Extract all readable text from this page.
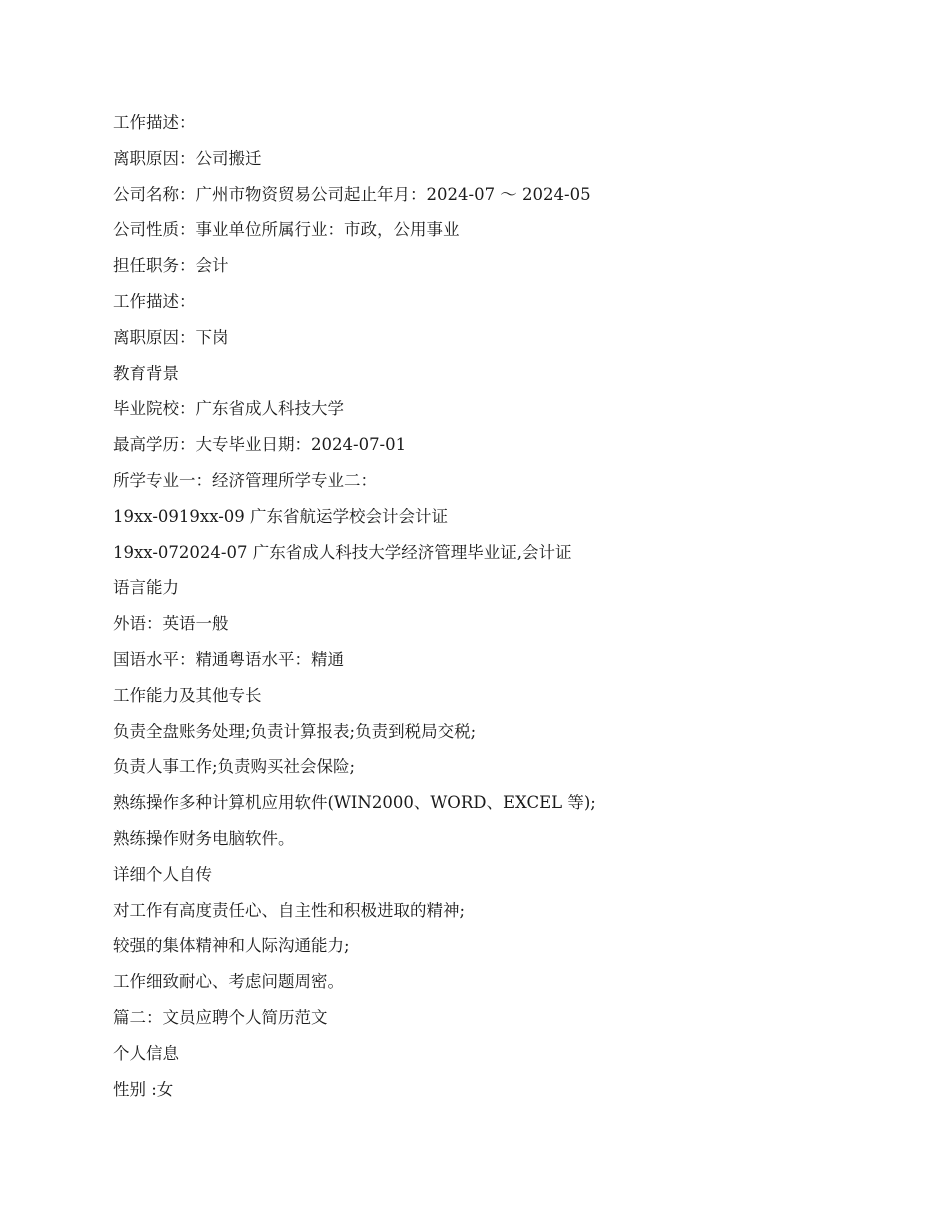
工作描述：
离职原因：公司搬迁
公司名称：广州市物资贸易公司起止年月：2024-07 ～ 2024-05
公司性质：事业单位所属行业：市政，公用事业
担任职务：会计
工作描述：
离职原因：下岗
教育背景
毕业院校：广东省成人科技大学
最高学历：大专毕业日期：2024-07-01
所学专业一：经济管理所学专业二：
19xx-0919xx-09 广东省航运学校会计会计证
19xx-072024-07 广东省成人科技大学经济管理毕业证,会计证
语言能力
外语：英语一般
国语水平：精通粤语水平：精通
工作能力及其他专长
负责全盘账务处理;负责计算报表;负责到税局交税;
负责人事工作;负责购买社会保险;
熟练操作多种计算机应用软件(WIN2000、WORD、EXCEL 等);
熟练操作财务电脑软件。
详细个人自传
对工作有高度责任心、自主性和积极进取的精神;
较强的集体精神和人际沟通能力;
工作细致耐心、考虑问题周密。
篇二：文员应聘个人简历范文
个人信息
性别 :女
